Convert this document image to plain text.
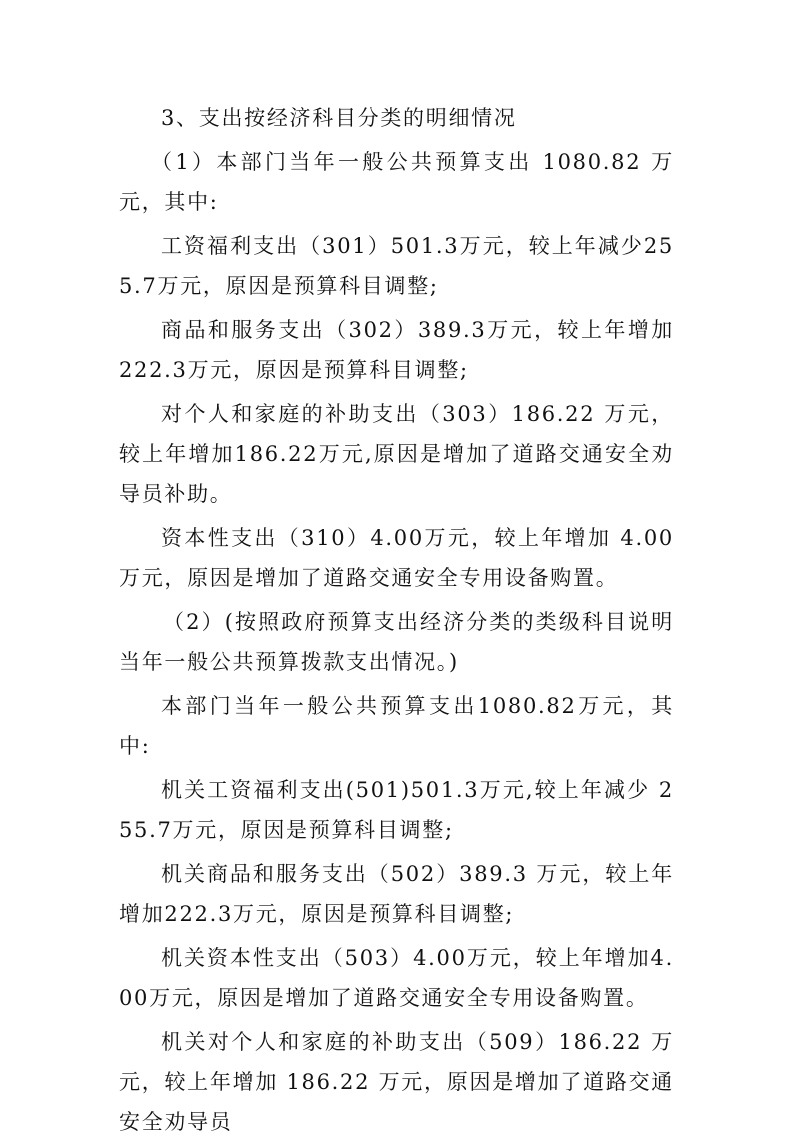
3、支出按经济科目分类的明细情况

（1）本部门当年一般公共预算支出 1080.82 万元，其中:

工资福利支出（301）501.3万元，较上年减少255.7万元，原因是预算科目调整;

商品和服务支出（302）389.3万元，较上年增加222.3万元，原因是预算科目调整;

对个人和家庭的补助支出（303）186.22 万元，较上年增加186.22万元,原因是增加了道路交通安全劝导员补助。

资本性支出（310）4.00万元，较上年增加 4.00万元，原因是增加了道路交通安全专用设备购置。

（2）(按照政府预算支出经济分类的类级科目说明当年一般公共预算拨款支出情况。)

本部门当年一般公共预算支出1080.82万元，其中:

机关工资福利支出(501)501.3万元,较上年减少 255.7万元，原因是预算科目调整;

机关商品和服务支出（502）389.3 万元，较上年增加222.3万元，原因是预算科目调整;

机关资本性支出（503）4.00万元，较上年增加4.00万元，原因是增加了道路交通安全专用设备购置。

机关对个人和家庭的补助支出（509）186.22 万元，较上年增加 186.22 万元，原因是增加了道路交通安全劝导员
